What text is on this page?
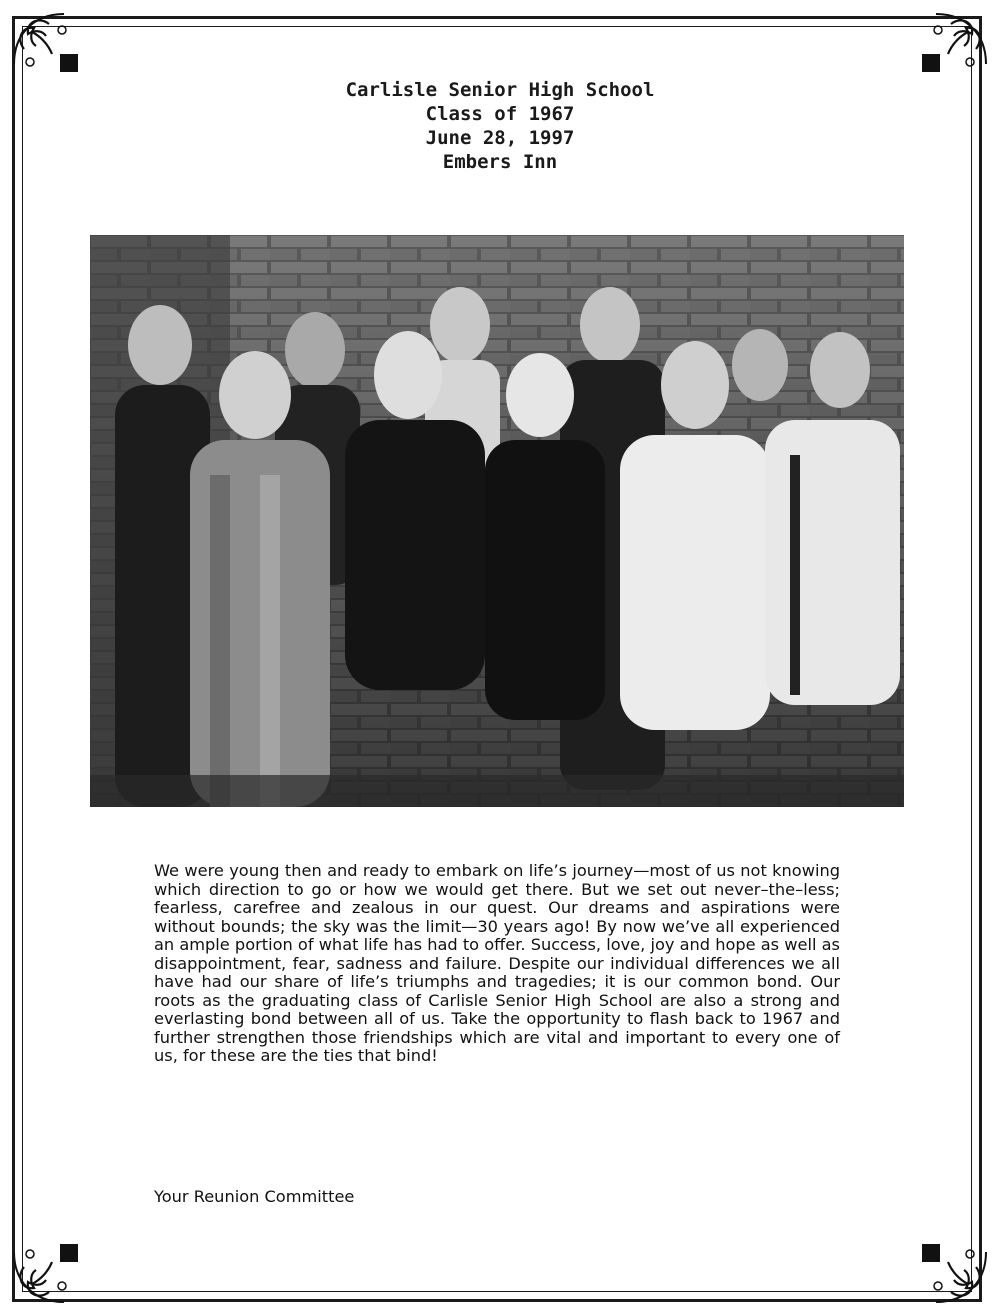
Carlisle Senior High School
Class of 1967
June 28, 1997
Embers Inn
We were young then and ready to embark on life’s journey—most of us not knowing which direction to go or how we would get there. But we set out never–the–less; fearless, carefree and zealous in our quest. Our dreams and aspirations were without bounds; the sky was the limit—30 years ago! By now we’ve all experienced an ample portion of what life has had to offer. Success, love, joy and hope as well as disappointment, fear, sadness and failure. Despite our individual differences we all have had our share of life’s triumphs and tragedies; it is our common bond. Our roots as the graduating class of Carlisle Senior High School are also a strong and everlasting bond between all of us. Take the opportunity to flash back to 1967 and further strengthen those friendships which are vital and important to every one of us, for these are the ties that bind!
Your Reunion Committee
